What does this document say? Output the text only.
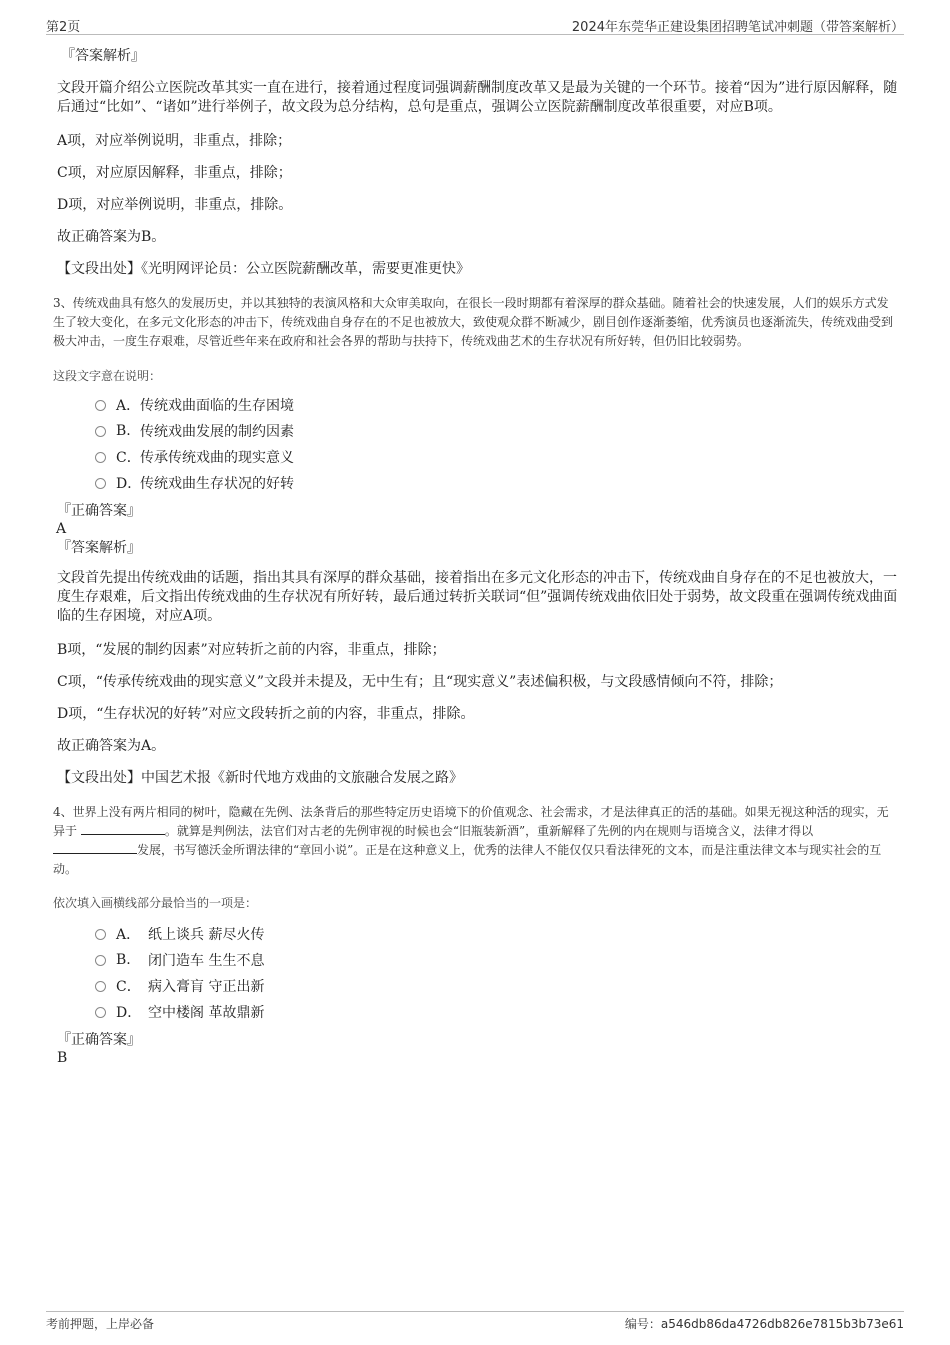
第2页	2024年东莞华正建设集团招聘笔试冲刺题（带答案解析）
『答案解析』
文段开篇介绍公立医院改革其实一直在进行，接着通过程度词强调薪酬制度改革又是最为关键的一个环节。接着“因为”进行原因解释，随后通过“比如”、“诸如”进行举例子，故文段为总分结构，总句是重点，强调公立医院薪酬制度改革很重要，对应B项。
A项，对应举例说明，非重点，排除；
C项，对应原因解释，非重点，排除；
D项，对应举例说明，非重点，排除。
故正确答案为B。
【文段出处】《光明网评论员：公立医院薪酬改革，需要更准更快》
3、传统戏曲具有悠久的发展历史，并以其独特的表演风格和大众审美取向，在很长一段时期都有着深厚的群众基础。随着社会的快速发展，人们的娱乐方式发生了较大变化，在多元文化形态的冲击下，传统戏曲自身存在的不足也被放大，致使观众群不断减少，剧目创作逐渐萎缩，优秀演员也逐渐流失，传统戏曲受到极大冲击，一度生存艰难，尽管近些年来在政府和社会各界的帮助与扶持下，传统戏曲艺术的生存状况有所好转，但仍旧比较弱势。
这段文字意在说明：
A． 传统戏曲面临的生存困境
B. 传统戏曲发展的制约因素
C． 传承传统戏曲的现实意义
D．
传统戏曲生存状况的好转
『正确答案』
A
『答案解析』
文段首先提出传统戏曲的话题，指出其具有深厚的群众基础，接着指出在多元文化形态的冲击下，传统戏曲自身存在的不足也被放大，一度生存艰难，后文指出传统戏曲的生存状况有所好转，最后通过转折关联词“但”强调传统戏曲依旧处于弱势，故文段重在强调传统戏曲面临的生存困境，对应A项。
B项，“发展的制约因素”对应转折之前的内容，非重点，排除；
C项，“传承传统戏曲的现实意义”文段并未提及，无中生有；且“现实意义”表述偏积极，与文段感情倾向不符，排除；
D项，“生存状况的好转”对应文段转折之前的内容，非重点，排除。
故正确答案为A。
【文段出处】中国艺术报《新时代地方戏曲的文旅融合发展之路》
4、世界上没有两片相同的树叶，隐藏在先例、法条背后的那些特定历史语境下的价值观念、社会需求，才是法律真正的活的基础。如果无视这种活的现实，无异于	。就算是判例法，法官们对古老的先例审视的时候也会“旧瓶装新酒”，重新解释了先例的内在规则与语境含义，法律才得以 发展，书写德沃金所谓法律的“章回小说”。正是在这种意义上，优秀的法律人不能仅仅只看法律死的文本，而是注重法律文本与现实社会的互动。
依次填入画横线部分最恰当的一项是：
A． 纸上谈兵 薪尽火传
B.	闭门造车 生生不息
C． 病入膏肓 守正出新
D． 空中楼阁 革故鼎新
『正确答案』
B
考前押题，上岸必备	编号：a546db86da4726db826e7815b3b73e61
